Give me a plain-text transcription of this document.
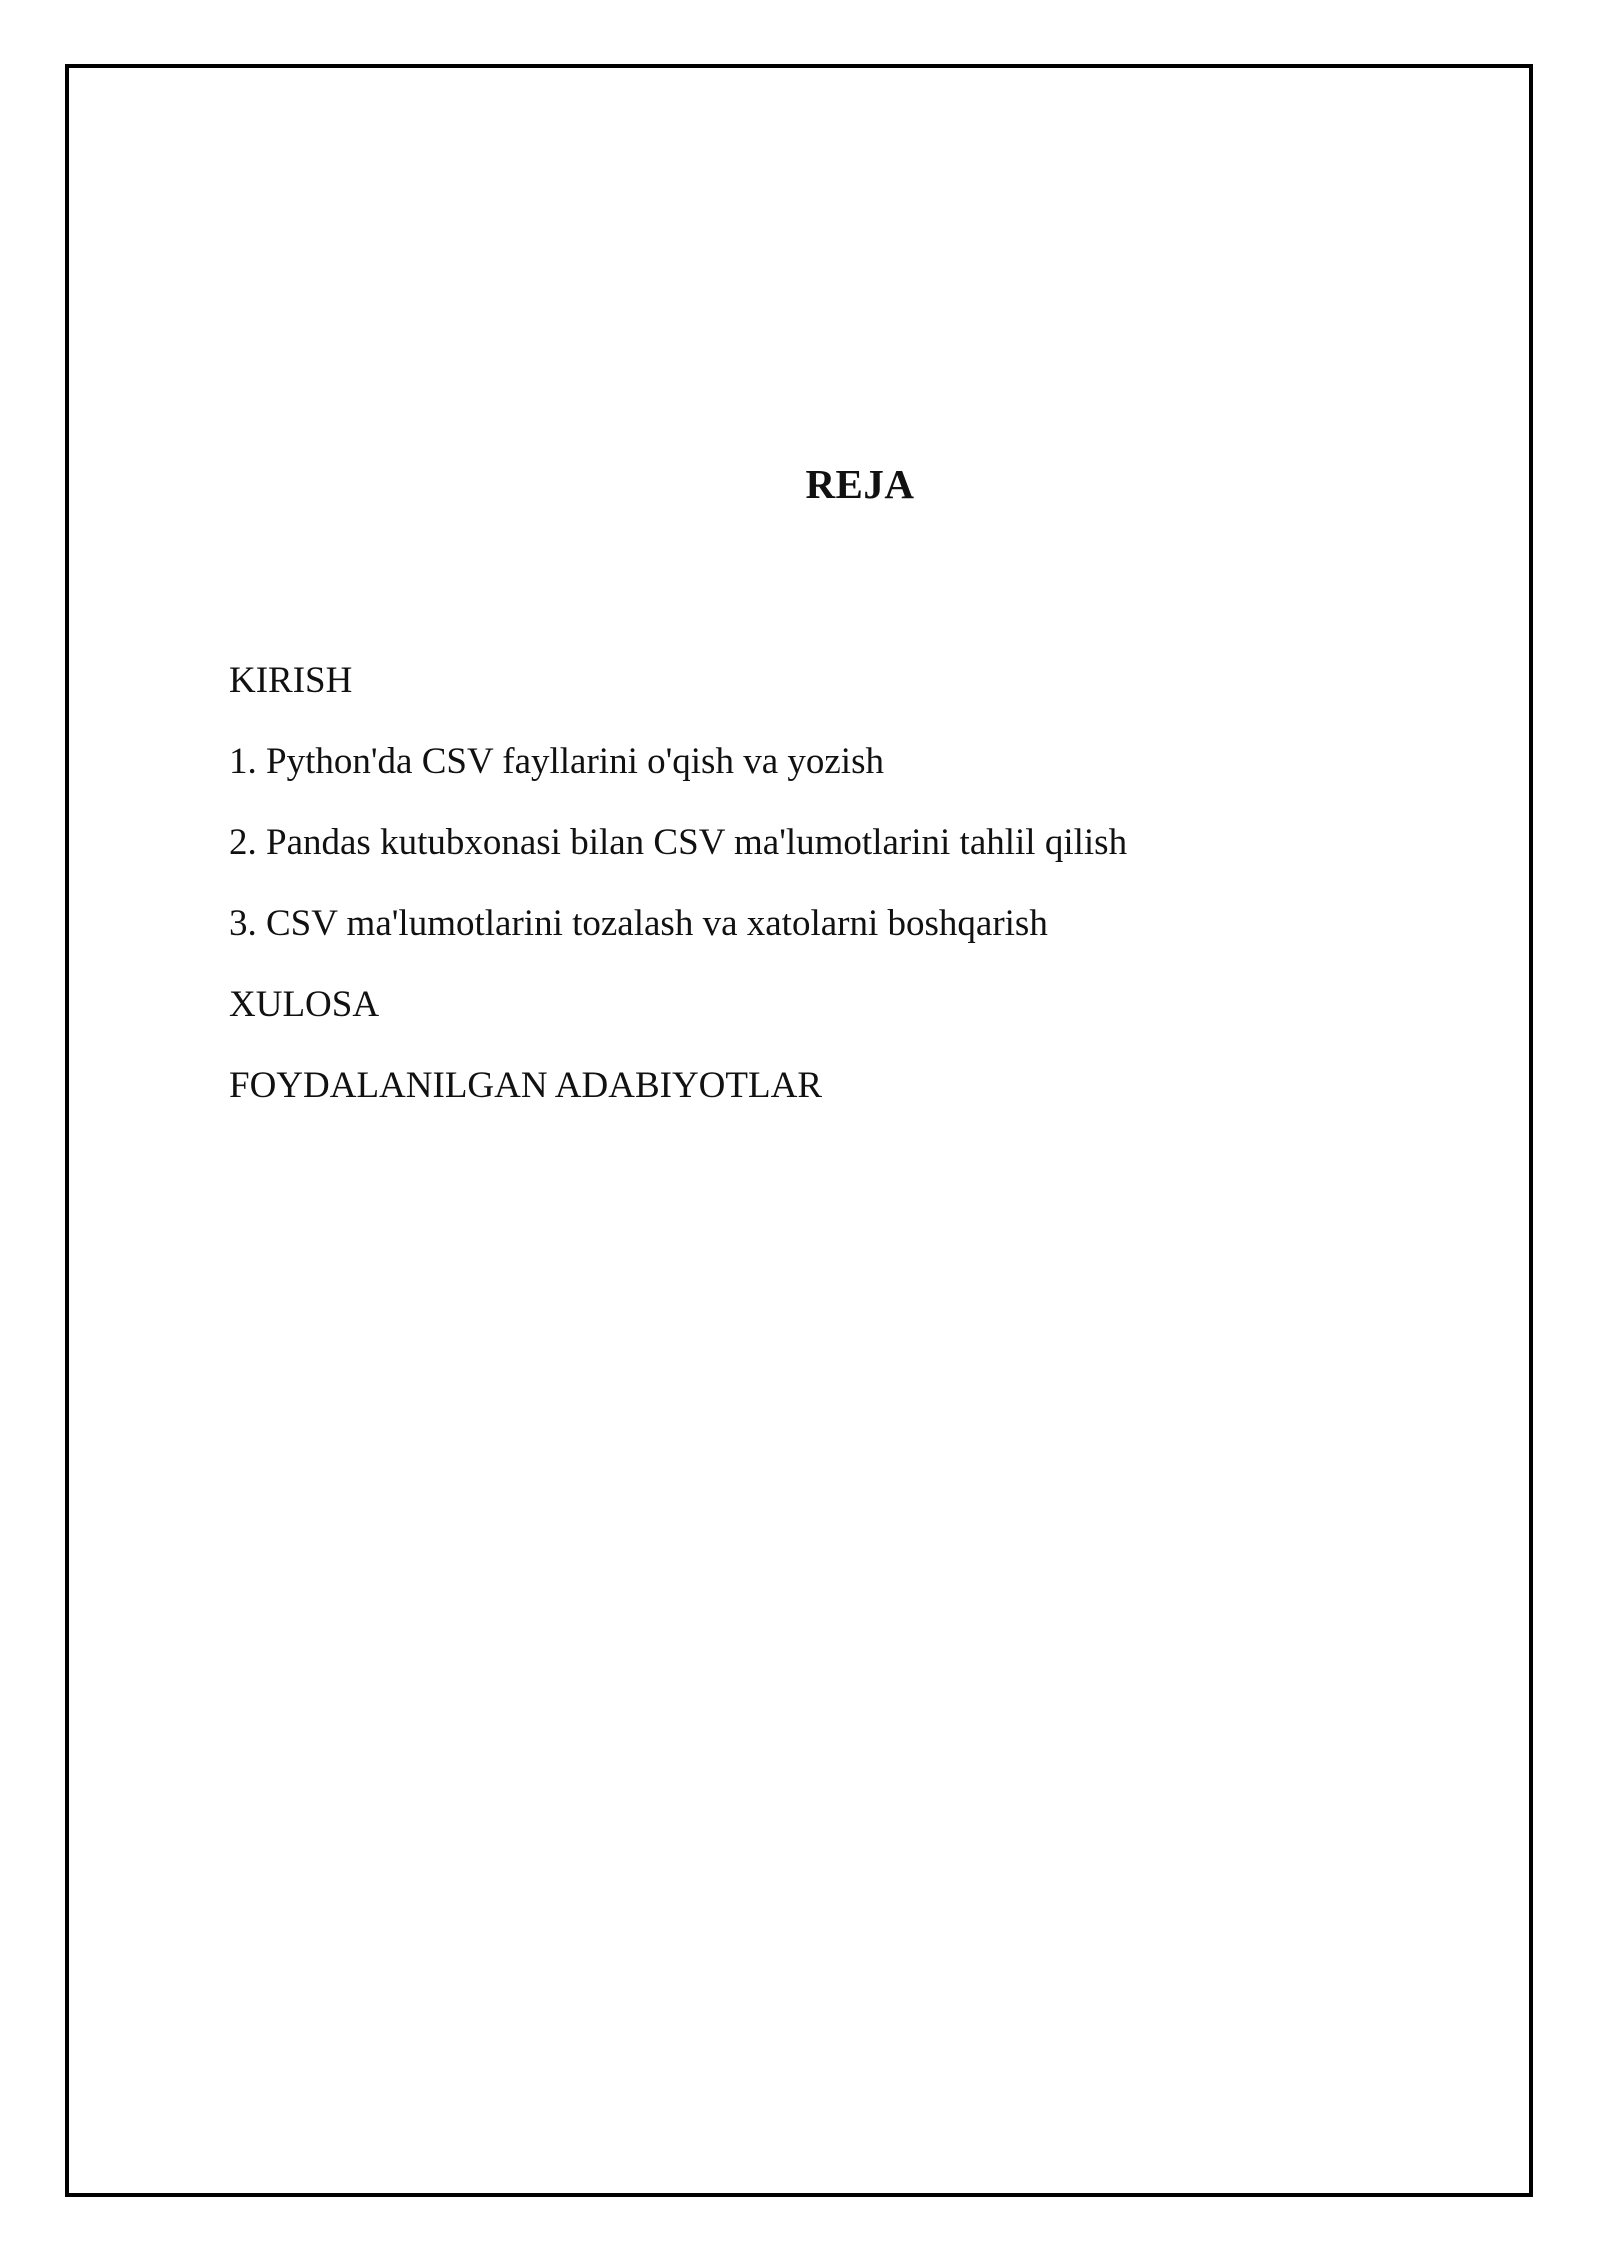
REJA
KIRISH
1. Python'da CSV fayllarini o'qish va yozish
2. Pandas kutubxonasi bilan CSV ma'lumotlarini tahlil qilish
3. CSV ma'lumotlarini tozalash va xatolarni boshqarish
XULOSA
FOYDALANILGAN ADABIYOTLAR
